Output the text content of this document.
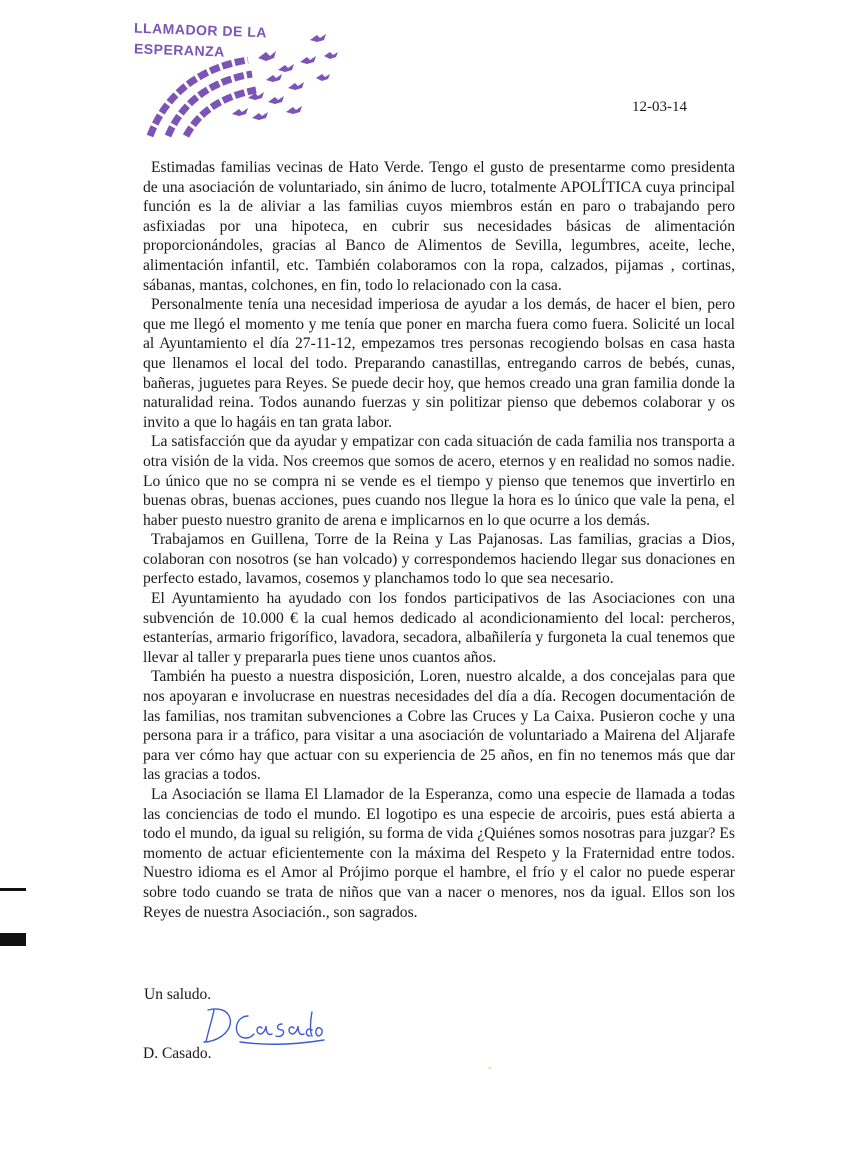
LLAMADOR DE LA
ESPERANZA
12-03-14

Estimadas familias vecinas de Hato Verde. Tengo el gusto de presentarme como presidenta de una asociación de voluntariado, sin ánimo de lucro, totalmente APOLÍTICA cuya principal función es la de aliviar a las familias cuyos miembros están en paro o trabajando pero asfixiadas por una hipoteca, en cubrir sus necesidades básicas de alimentación proporcionándoles, gracias al Banco de Alimentos de Sevilla, legumbres, aceite, leche, alimentación infantil, etc. También colaboramos con la ropa, calzados, pijamas , cortinas, sábanas, mantas, colchones, en fin, todo lo relacionado con la casa.

Personalmente tenía una necesidad imperiosa de ayudar a los demás, de hacer el bien, pero que me llegó el momento y me tenía que poner en marcha fuera como fuera. Solicité un local al Ayuntamiento el día 27-11-12, empezamos tres personas recogiendo bolsas en casa hasta que llenamos el local del todo. Preparando canastillas, entregando carros de bebés, cunas, bañeras, juguetes para Reyes. Se puede decir hoy, que hemos creado una gran familia donde la naturalidad reina. Todos aunando fuerzas y sin politizar pienso que debemos colaborar y os invito a que lo hagáis en tan grata labor.

La satisfacción que da ayudar y empatizar con cada situación de cada familia nos transporta a otra visión de la vida. Nos creemos que somos de acero, eternos y en realidad no somos nadie. Lo único que no se compra ni se vende es el tiempo y pienso que tenemos que invertirlo en buenas obras, buenas acciones, pues cuando nos llegue la hora es lo único que vale la pena, el haber puesto nuestro granito de arena e implicarnos en lo que ocurre a los demás.

Trabajamos en Guillena, Torre de la Reina y Las Pajanosas. Las familias, gracias a Dios, colaboran con nosotros (se han volcado) y correspondemos haciendo llegar sus donaciones en perfecto estado, lavamos, cosemos y planchamos todo lo que sea necesario.

El Ayuntamiento ha ayudado con los fondos participativos de las Asociaciones con una subvención de 10.000 € la cual hemos dedicado al acondicionamiento del local: percheros, estanterías, armario frigorífico, lavadora, secadora, albañilería y furgoneta la cual tenemos que llevar al taller y prepararla pues tiene unos cuantos años.

También ha puesto a nuestra disposición, Loren, nuestro alcalde, a dos concejalas para que nos apoyaran e involucrase en nuestras necesidades del día a día. Recogen documentación de las familias, nos tramitan subvenciones a Cobre las Cruces y La Caixa. Pusieron coche y una persona para ir a tráfico, para visitar a una asociación de voluntariado a Mairena del Aljarafe para ver cómo hay que actuar con su experiencia de 25 años, en fin no tenemos más que dar las gracias a todos.

La Asociación se llama El Llamador de la Esperanza, como una especie de llamada a todas las conciencias de todo el mundo. El logotipo es una especie de arcoiris, pues está abierta a todo el mundo, da igual su religión, su forma de vida ¿Quiénes somos nosotras para juzgar? Es momento de actuar eficientemente con la máxima del Respeto y la Fraternidad entre todos. Nuestro idioma es el Amor al Prójimo porque el hambre, el frío y el calor no puede esperar sobre todo cuando se trata de niños que van a nacer o menores, nos da igual. Ellos son los Reyes de nuestra Asociación., son sagrados.

Un saludo.
D. Casado.
◦
